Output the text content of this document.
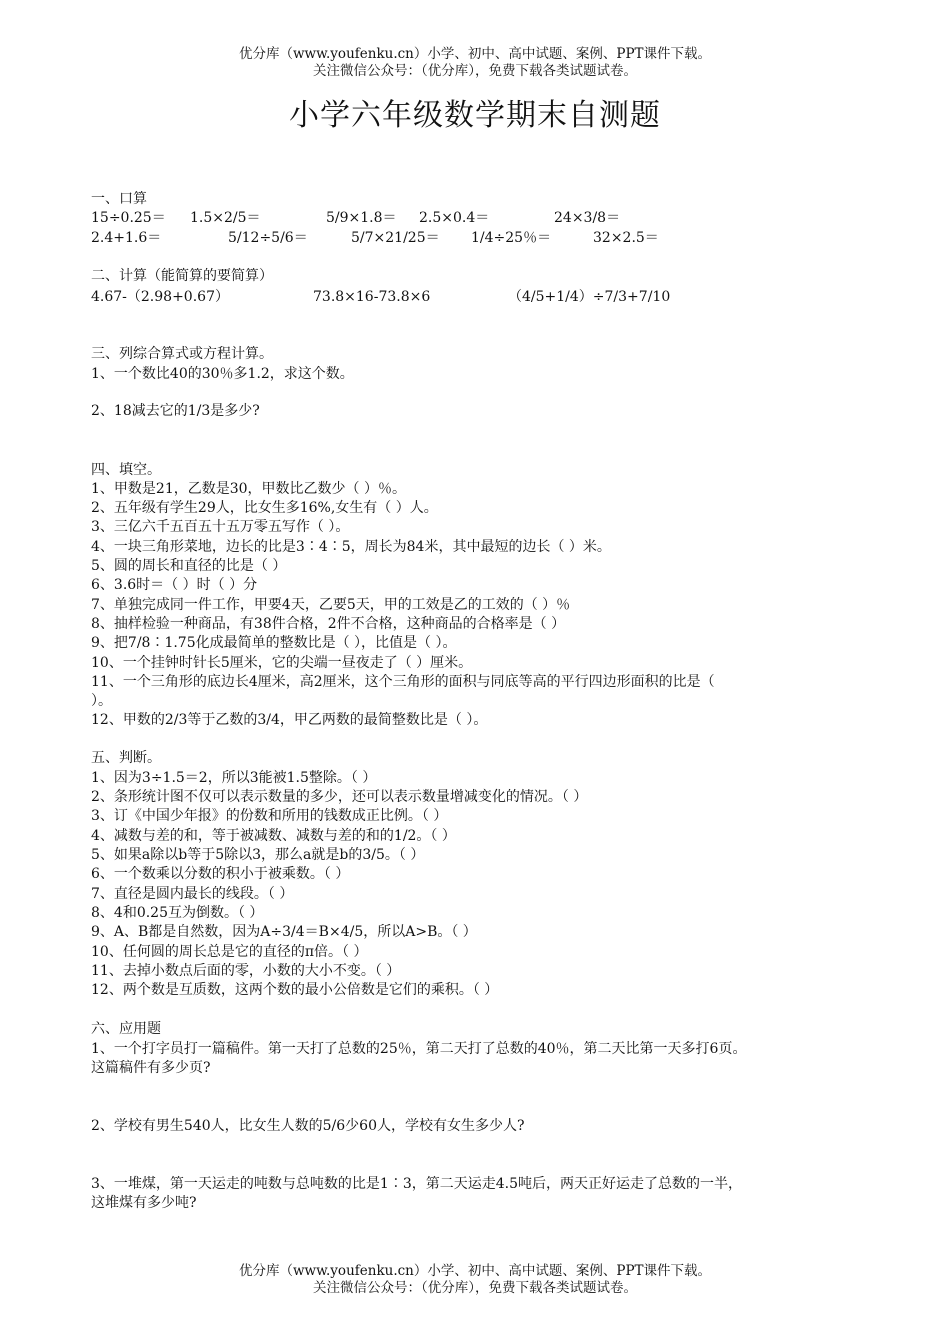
优分库（www.youfenku.cn）小学、初中、高中试题、案例、PPT课件下载。
关注微信公众号：（优分库），免费下载各类试题试卷。
小学六年级数学期末自测题
一、口算
15÷0.25＝ 1.5×2/5＝	5/9×1.8＝ 2.5×0.4＝	24×3/8＝
2.4+1.6＝	5/12÷5/6＝	5/7×21/25＝ 1/4÷25％＝	32×2.5＝
二、计算（能简算的要简算）
4.67-（2.98+0.67）	73.8×16-73.8×6	（4/5+1/4）÷7/3+7/10
三、列综合算式或方程计算。
1、一个数比40的30％多1.2，求这个数。
2、18减去它的1/3是多少?
四、填空。
1、甲数是21，乙数是30，甲数比乙数少（ ）％。
2、五年级有学生29人，比女生多16%,女生有（ ）人。
3、三亿六千五百五十五万零五写作（ ）。
4、一块三角形菜地，边长的比是3∶4∶5，周长为84米，其中最短的边长（ ）米。
5、圆的周长和直径的比是（ ）
6、3.6时＝（ ）时（ ）分
7、单独完成同一件工作，甲要4天，乙要5天，甲的工效是乙的工效的（ ）％
8、抽样检验一种商品，有38件合格，2件不合格，这种商品的合格率是（ ）
9、把7/8∶1.75化成最简单的整数比是（ ），比值是（ ）。
10、一个挂钟时针长5厘米，它的尖端一昼夜走了（ ）厘米。
11、一个三角形的底边长4厘米，高2厘米，这个三角形的面积与同底等高的平行四边形面积的比是（
）。
12、甲数的2/3等于乙数的3/4，甲乙两数的最简整数比是（ ）。
五、判断。
1、因为3÷1.5＝2，所以3能被1.5整除。（ ）
2、条形统计图不仅可以表示数量的多少，还可以表示数量增减变化的情况。（ ）
3、订《中国少年报》的份数和所用的钱数成正比例。（ ）
4、减数与差的和，等于被减数、减数与差的和的1/2。（ ）
5、如果a除以b等于5除以3，那么a就是b的3/5。（ ）
6、一个数乘以分数的积小于被乘数。（ ）
7、直径是圆内最长的线段。（ ）
8、4和0.25互为倒数。（ ）
9、A、B都是自然数，因为A÷3/4＝B×4/5，所以A>B。（ ）
10、任何圆的周长总是它的直径的π倍。（ ）
11、去掉小数点后面的零，小数的大小不变。（ ）
12、两个数是互质数，这两个数的最小公倍数是它们的乘积。（ ）
六、应用题
1、一个打字员打一篇稿件。第一天打了总数的25％，第二天打了总数的40％，第二天比第一天多打6页。
这篇稿件有多少页?
2、学校有男生540人，比女生人数的5/6少60人，学校有女生多少人?
3、一堆煤，第一天运走的吨数与总吨数的比是1∶3，第二天运走4.5吨后，两天正好运走了总数的一半，
这堆煤有多少吨?
优分库（www.youfenku.cn）小学、初中、高中试题、案例、PPT课件下载。
关注微信公众号：（优分库），免费下载各类试题试卷。
